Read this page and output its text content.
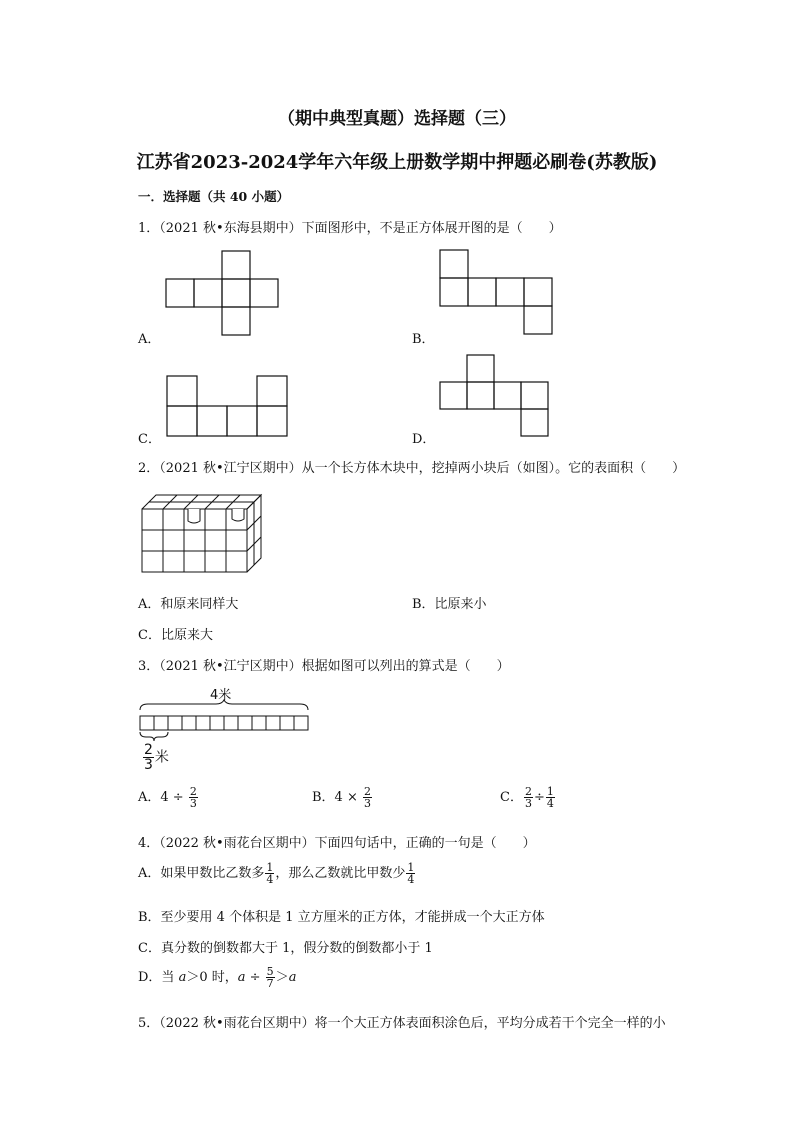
（期中典型真题）选择题（三）
江苏省2023-2024学年六年级上册数学期中押题必刷卷(苏教版)
一．选择题（共 40 小题）
1．（2021 秋•东海县期中）下面图形中，不是正方体展开图的是（　　）
A．	B．
C．	D．
2．（2021 秋•江宁区期中）从一个长方体木块中，挖掉两小块后（如图）。它的表面积（　　）
A．和原来同样大	B．比原来小
C．比原来大
3．（2021 秋•江宁区期中）根据如图可以列出的算式是（　　）
4米
$\frac{2}{3}$ 米
A．$4 \div \frac{2}{3}$	B．$4 \times \frac{2}{3}$	C． $\frac{2}{3} \div \frac{1}{4}$
4．（2022 秋•雨花台区期中）下面四句话中，正确的一句是（　　）
A．如果甲数比乙数多 $\frac{1}{4}$ ，那么乙数就比甲数少 $\frac{1}{4}$
B．至少要用 4 个体积是 1 立方厘米的正方体，才能拼成一个大正方体
C．真分数的倒数都大于 1，假分数的倒数都小于 1
D．当 a＞0 时，$a \div \frac{5}{7} >a$
5．（2022 秋•雨花台区期中）将一个大正方体表面积涂色后，平均分成若干个完全一样的小
